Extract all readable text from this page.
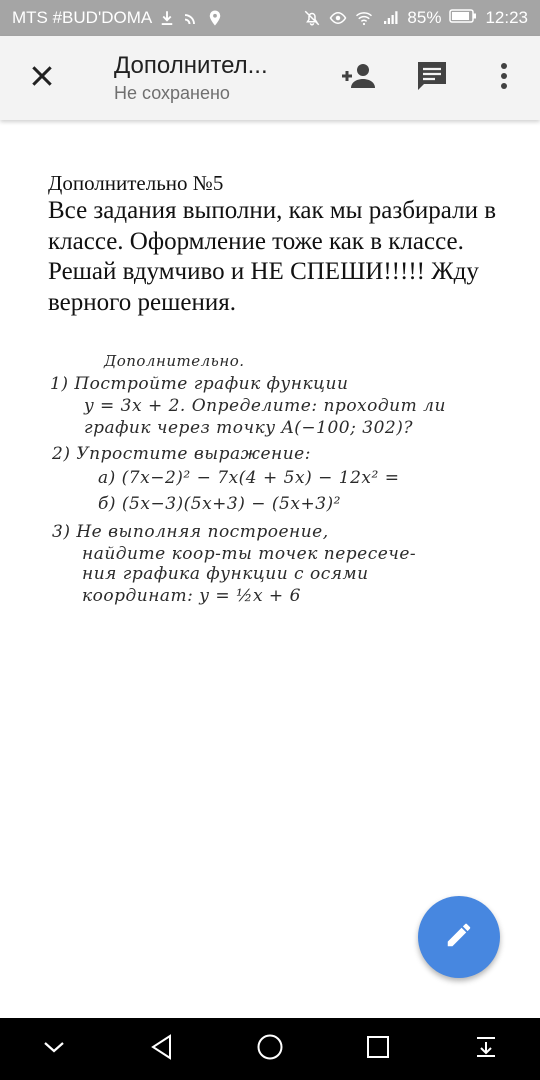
MTS #BUD'DOMA	85%	12:23
Дополнител...
Не сохранено
Дополнительно №5
Все задания выполни, как мы разбирали в классе. Оформление тоже как в классе. Решай вдумчиво и НЕ СПЕШИ!!!!! Жду верного решения.
Дополнительно.
1) Постройте график функции
y = 3x + 2. Определите: проходит ли
график через точку A(−100; 302)?
2) Упростите выражение:
а) (7x−2)² − 7x(4 + 5x) − 12x² =
б) (5x−3)(5x+3) − (5x+3)²
3) Не выполняя построение,
найдите коор-ты точек пересече-
ния графика функции с осями
координат: y = ½x + 6
